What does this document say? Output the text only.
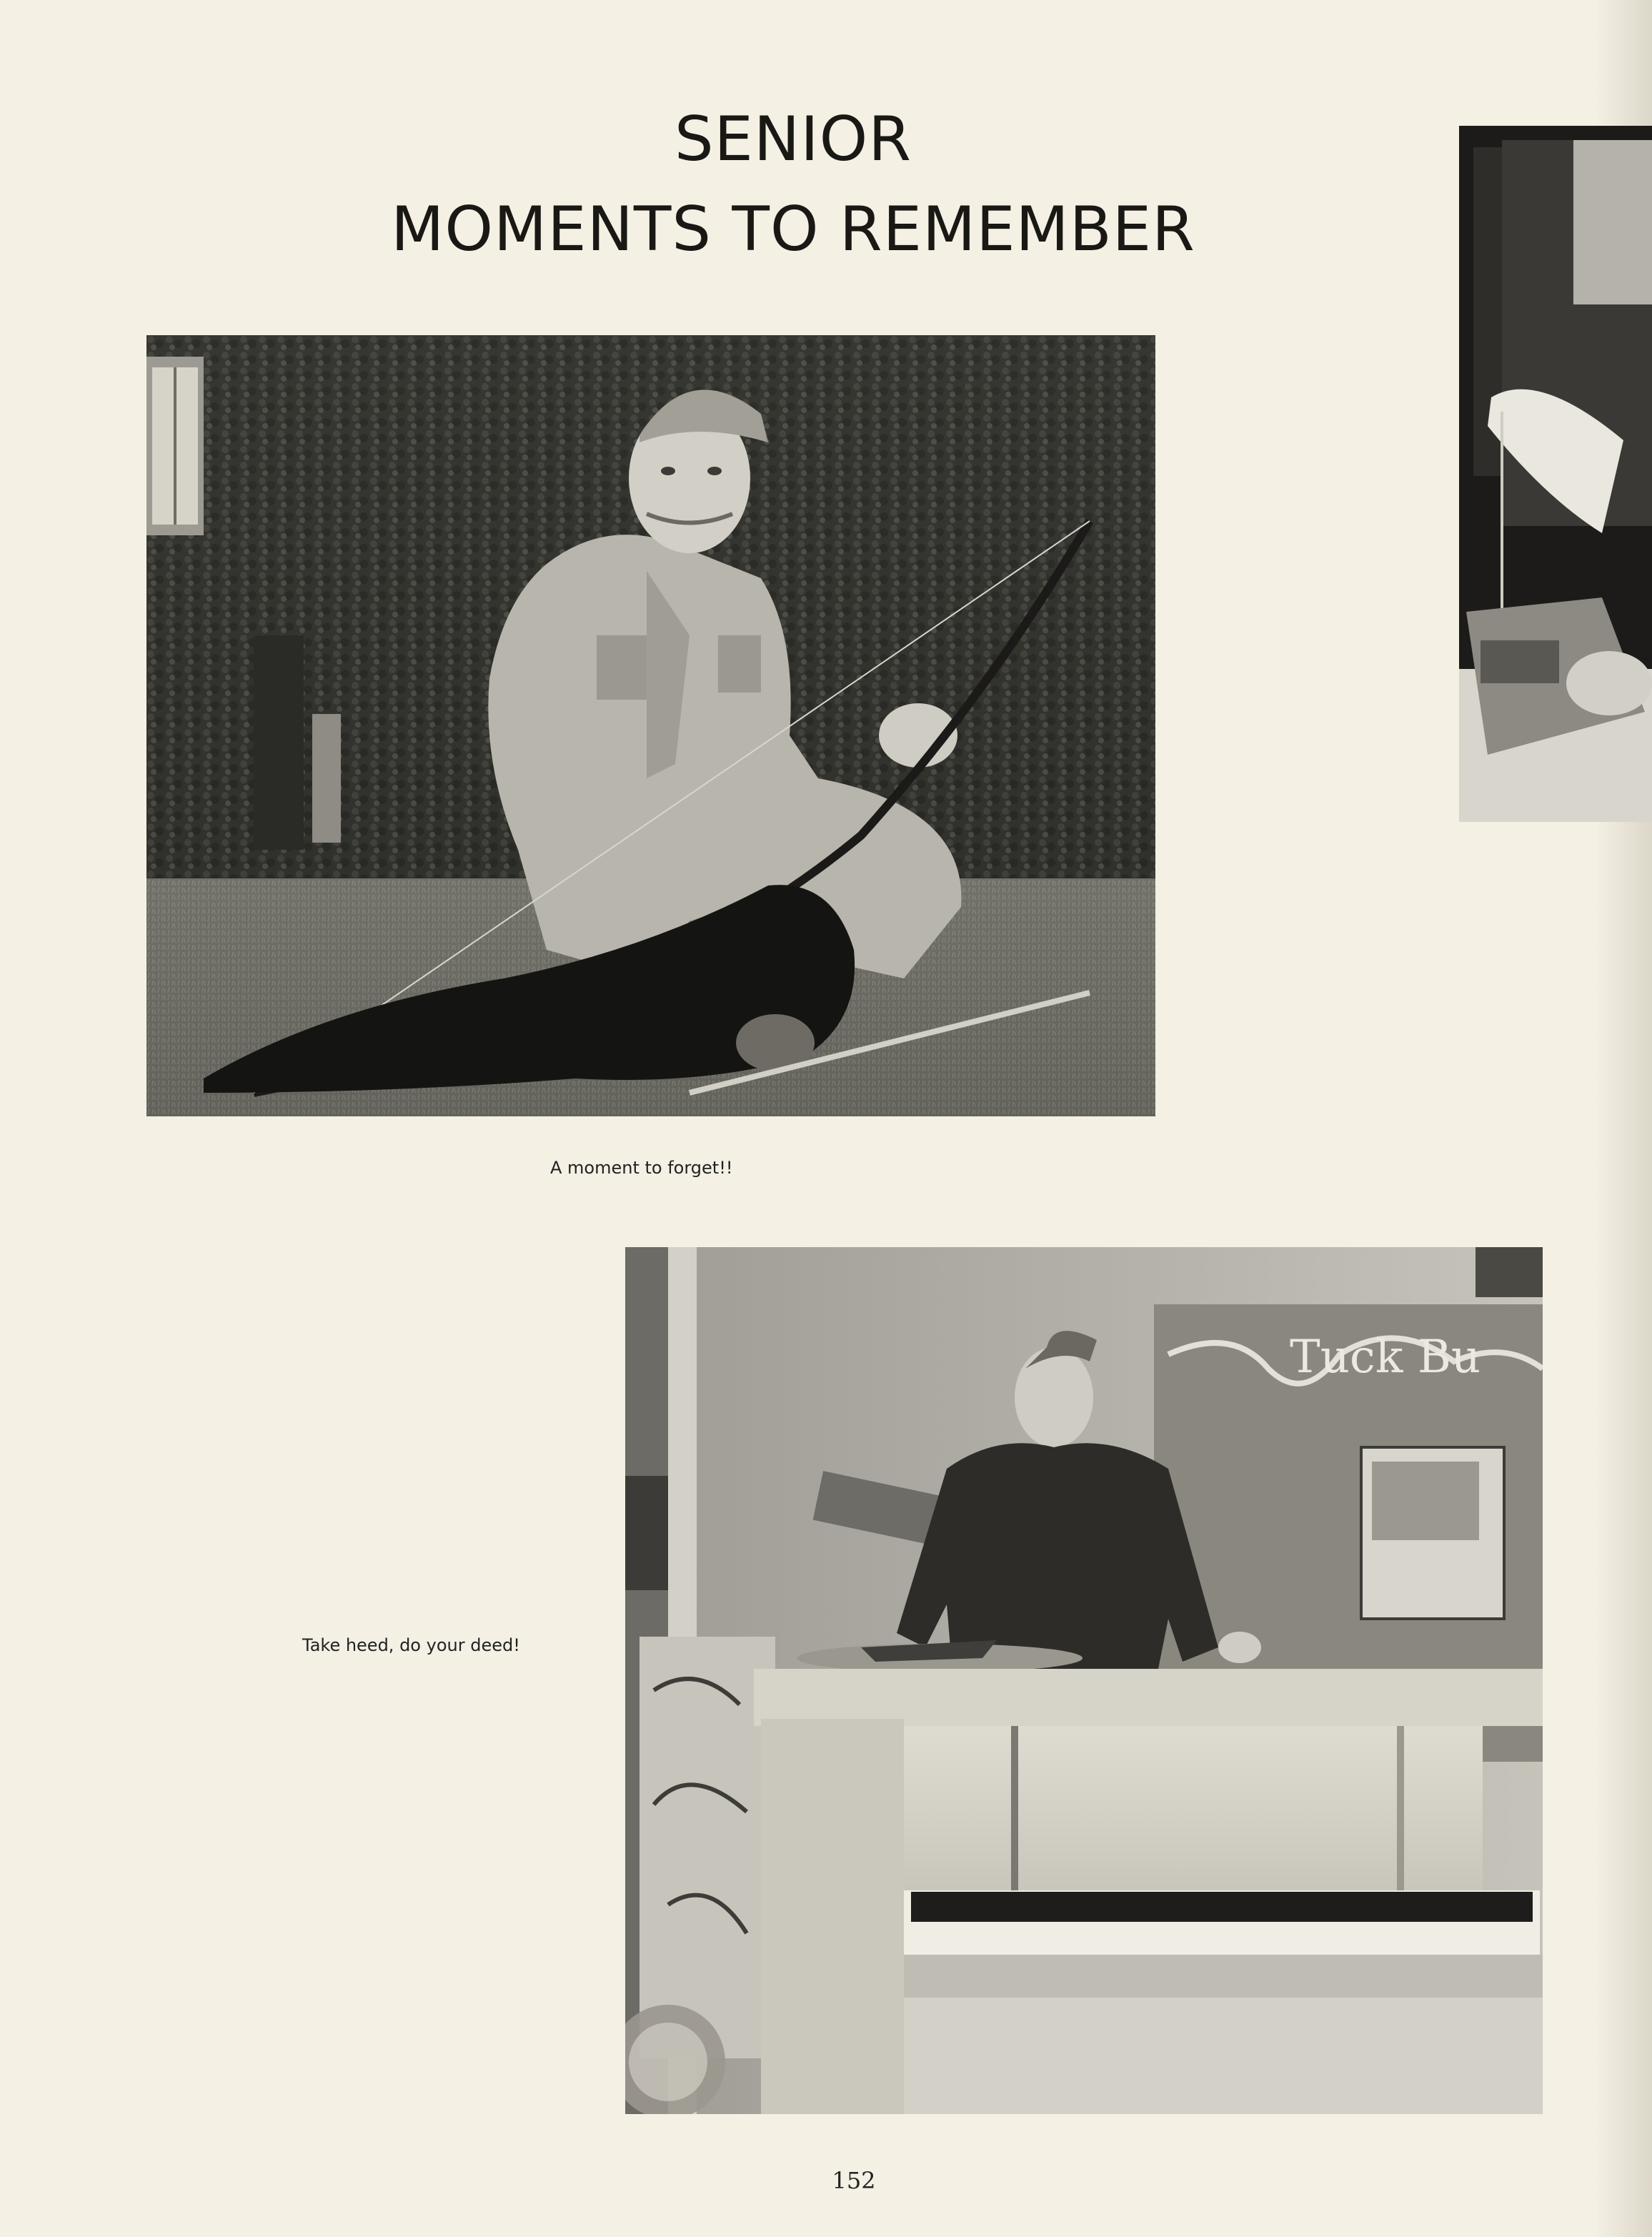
SENIOR
MOMENTS TO REMEMBER
A moment to forget!!
Tuck Bu
Take heed, do your deed!
152
